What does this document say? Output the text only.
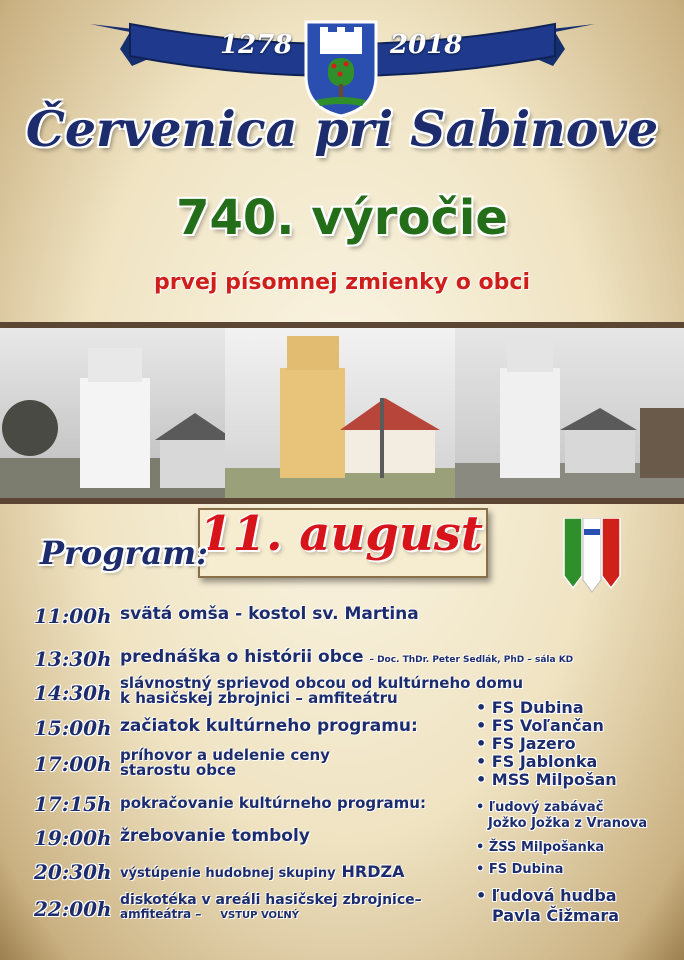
1278	2018
Červenica pri Sabinove
740. výročie
prvej písomnej zmienky o obci
11. august
Program:
11:00h svätá omša - kostol sv. Martina
13:30h prednáška o histórii obce – Doc. ThDr. Peter Sedlák, PhD – sála KD
14:30h slávnostný sprievod obcou od kultúrneho domu
k hasičskej zbrojnici – amfiteátru
15:00h začiatok kultúrneho programu:
17:00h príhovor a udelenie ceny
starostu obce
17:15h pokračovanie kultúrneho programu:
19:00h žrebovanie tomboly
20:30h výstúpenie hudobnej skupiny HRDZA
22:00h diskotéka v areáli hasičskej zbrojnice–
amfiteátra – VSTUP VOĽNÝ
• FS Dubina
• FS Voľančan
• FS Jazero
• FS Jablonka
• MSS Milpošan
• ľudový zabávač
Jožko Jožka z Vranova
• ŽSS Milpošanka
• FS Dubina
• ľudová hudba
Pavla Čižmara
